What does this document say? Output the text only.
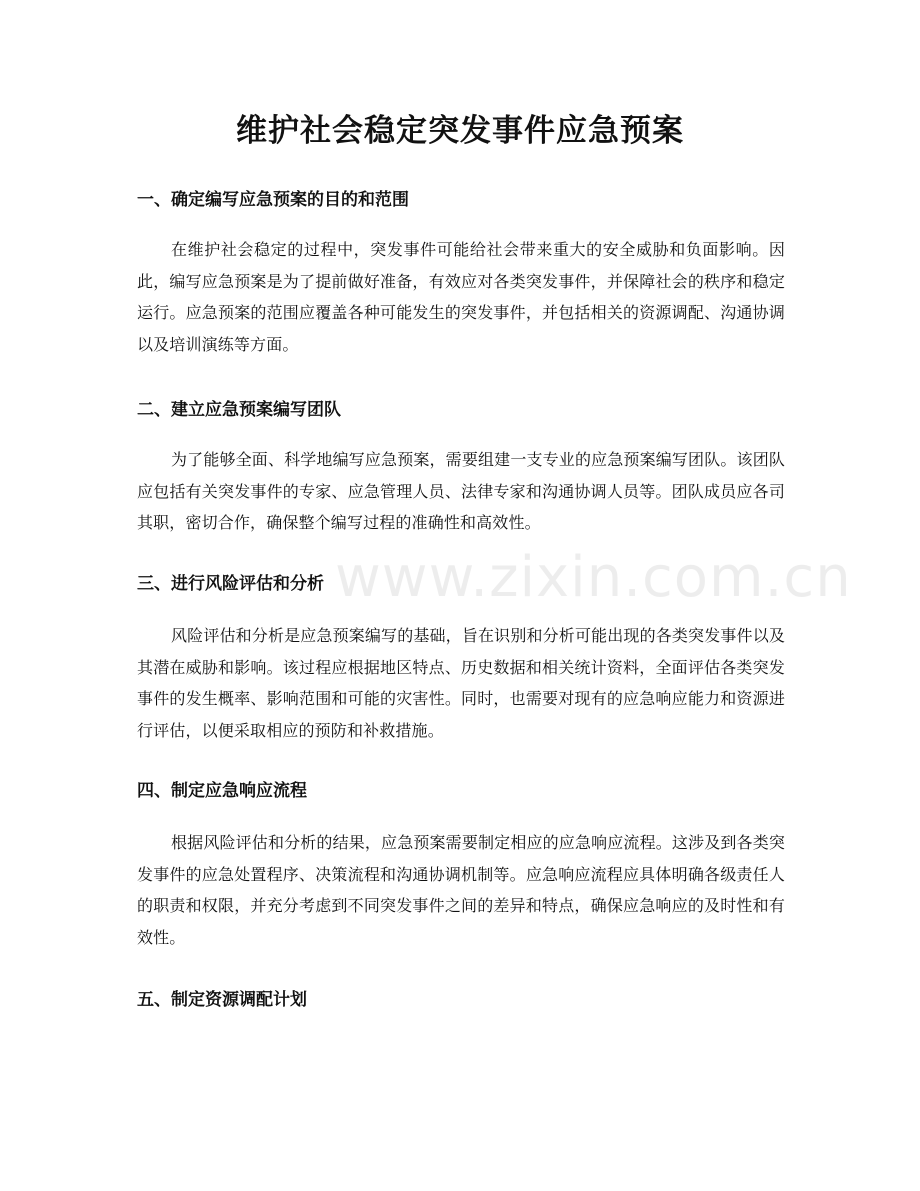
维护社会稳定突发事件应急预案
一、确定编写应急预案的目的和范围

在维护社会稳定的过程中，突发事件可能给社会带来重大的安全威胁和负面影响。因此，编写应急预案是为了提前做好准备，有效应对各类突发事件，并保障社会的秩序和稳定运行。应急预案的范围应覆盖各种可能发生的突发事件，并包括相关的资源调配、沟通协调以及培训演练等方面。

二、建立应急预案编写团队

为了能够全面、科学地编写应急预案，需要组建一支专业的应急预案编写团队。该团队应包括有关突发事件的专家、应急管理人员、法律专家和沟通协调人员等。团队成员应各司其职，密切合作，确保整个编写过程的准确性和高效性。

三、进行风险评估和分析

风险评估和分析是应急预案编写的基础，旨在识别和分析可能出现的各类突发事件以及其潜在威胁和影响。该过程应根据地区特点、历史数据和相关统计资料，全面评估各类突发事件的发生概率、影响范围和可能的灾害性。同时，也需要对现有的应急响应能力和资源进行评估，以便采取相应的预防和补救措施。

四、制定应急响应流程

根据风险评估和分析的结果，应急预案需要制定相应的应急响应流程。这涉及到各类突发事件的应急处置程序、决策流程和沟通协调机制等。应急响应流程应具体明确各级责任人的职责和权限，并充分考虑到不同突发事件之间的差异和特点，确保应急响应的及时性和有效性。

五、制定资源调配计划
www.zixin.com.cn
